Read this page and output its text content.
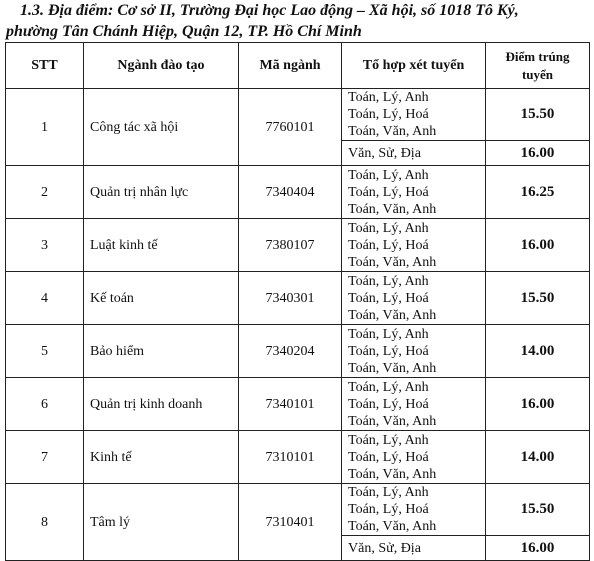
1.3. Địa điểm: Cơ sở II, Trường Đại học Lao động – Xã hội, số 1018 Tô Ký,
phường Tân Chánh Hiệp, Quận 12, TP. Hồ Chí Minh
STT	Ngành đào tạo	Mã ngành	Tổ hợp xét tuyển	Điểm trúng
tuyển
1	Công tác xã hội	7760101	Toán, Lý, Anh
Toán, Lý, Hoá
Toán, Văn, Anh	15.50

			Văn, Sử, Địa	16.00
2	Quản trị nhân lực	7340404	Toán, Lý, Anh
Toán, Lý, Hoá
Toán, Văn, Anh	16.25
3	Luật kinh tế	7380107	Toán, Lý, Anh
Toán, Lý, Hoá
Toán, Văn, Anh	16.00
4	Kế toán	7340301	Toán, Lý, Anh
Toán, Lý, Hoá
Toán, Văn, Anh	15.50
5	Bảo hiểm	7340204	Toán, Lý, Anh
Toán, Lý, Hoá
Toán, Văn, Anh	14.00
6	Quản trị kinh doanh	7340101	Toán, Lý, Anh
Toán, Lý, Hoá
Toán, Văn, Anh	16.00
7	Kinh tế	7310101	Toán, Lý, Anh
Toán, Lý, Hoá
Toán, Văn, Anh	14.00
8	Tâm lý	7310401	Toán, Lý, Anh
Toán, Lý, Hoá
Toán, Văn, Anh	15.50

			Văn, Sử, Địa	16.00
